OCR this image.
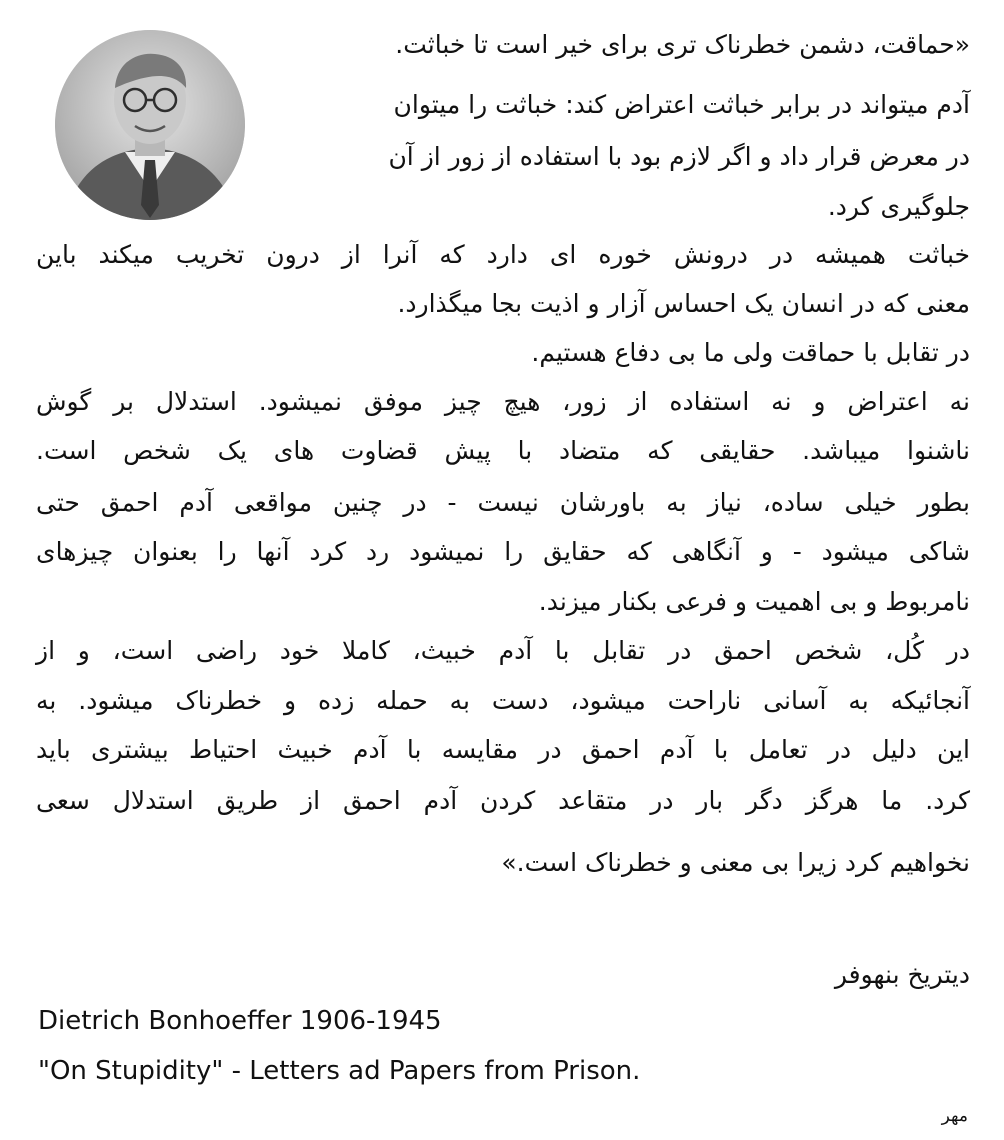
«حماقت، دشمن خطرناک تری برای خیر است تا خباثت.
آدم میتواند در برابر خباثت اعتراض کند: خباثت را میتوان
در معرض قرار داد و اگر لازم بود با استفاده از زور از آن
جلوگیری کرد.
خباثت همیشه در درونش خوره ای دارد که آنرا از درون تخریب میکند باین
معنی که در انسان یک احساس آزار و اذیت بجا میگذارد.
در تقابل با حماقت ولی ما بی دفاع هستیم.
نه اعتراض و نه استفاده از زور، هیچ چیز موفق نمیشود. استدلال بر گوش
ناشنوا میباشد. حقایقی که متضاد با پیش قضاوت های یک شخص است.
بطور خیلی ساده، نیاز به باورشان نیست - در چنین مواقعی آدم احمق حتی
شاکی میشود - و آنگاهی که حقایق را نمیشود رد کرد آنها را بعنوان چیزهای
نامربوط و بی اهمیت و فرعی بکنار میزند.
در کُل، شخص احمق در تقابل با آدم خبیث، کاملا خود راضی است، و از
آنجائیکه به آسانی ناراحت میشود، دست به حمله زده و خطرناک میشود. به
این دلیل در تعامل با آدم احمق در مقایسه با آدم خبیث احتیاط بیشتری باید
کرد. ما هرگز دگر بار در متقاعد کردن آدم احمق از طریق استدلال سعی
نخواهیم کرد زیرا بی معنی و خطرناک است.»
دیتریخ بنهوفر
Dietrich Bonhoeffer 1906-1945
"On Stupidity" - Letters ad Papers from Prison.
مهر
